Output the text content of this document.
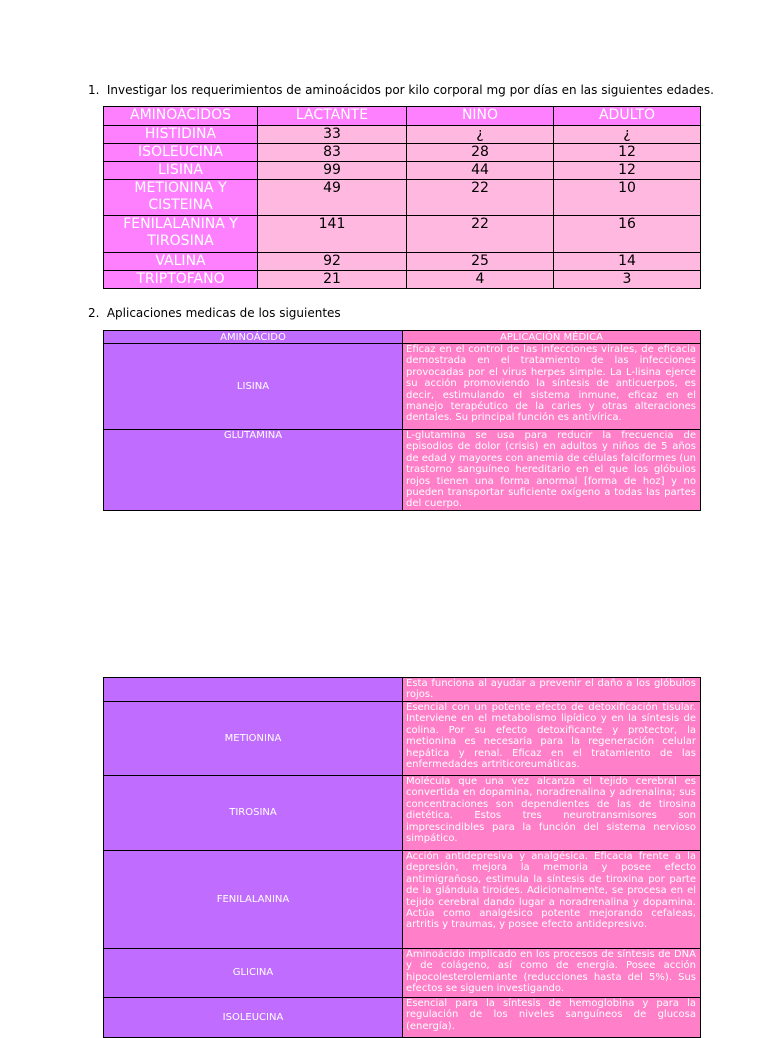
1. Investigar los requerimientos de aminoácidos por kilo corporal mg por días en las siguientes edades.
AMINOÁCIDOS	LACTANTE	NIÑO	ADULTO
HISTIDINA	33	¿	¿
ISOLEUCINA	83	28	12
LISINA	99	44	12
METIONINA Y CISTEINA	49	22	10
FENILALANINA Y TIROSINA	141	22	16
VALINA	92	25	14
TRIPTÓFANO	21	4	3
2. Aplicaciones medicas de los siguientes
AMINOÁCIDO	APLICACIÓN MÉDICA
LISINA	Eficaz en el control de las infecciones virales, de eficacia demostrada en el tratamiento de las infecciones provocadas por el virus herpes simple. La L-lisina ejerce su acción promoviendo la síntesis de anticuerpos, es decir, estimulando el sistema inmune, eficaz en el manejo terapéutico de la caries y otras alteraciones dentales. Su principal función es antivírica.
GLUTAMINA	L-glutamina se usa para reducir la frecuencia de episodios de dolor (crisis) en adultos y niños de 5 años de edad y mayores con anemia de células falciformes (un trastorno sanguíneo hereditario en el que los glóbulos rojos tienen una forma anormal [forma de hoz] y no pueden transportar suficiente oxígeno a todas las partes del cuerpo.
	Esta funciona al ayudar a prevenir el daño a los glóbulos rojos.
METIONINA	Esencial con un potente efecto de detoxificación tisular. Interviene en el metabolismo lipídico y en la síntesis de colina. Por su efecto detoxificante y protector, la metionina es necesaria para la regeneración celular hepática y renal. Eficaz en el tratamiento de las enfermedades artriticoreumáticas.
TIROSINA	Molécula que una vez alcanza el tejido cerebral es convertida en dopamina, noradrenalina y adrenalina; sus concentraciones son dependientes de las de tirosina dietética. Estos tres neurotransmisores son imprescindibles para la función del sistema nervioso simpático.
FENILALANINA	Acción antidepresiva y analgésica. Eficacia frente a la depresión, mejora la memoria y posee efecto antimigrañoso, estimula la síntesis de tiroxina por parte de la glándula tiroides. Adicionalmente, se procesa en el tejido cerebral dando lugar a noradrenalina y dopamina. Actúa como analgésico potente mejorando cefaleas, artritis y traumas, y posee efecto antidepresivo.
GLICINA	Aminoácido implicado en los procesos de síntesis de DNA y de colágeno, así como de energía. Posee acción hipocolesterolemiante (reducciones hasta del 5%). Sus efectos se siguen investigando.
ISOLEUCINA	Esencial para la síntesis de hemoglobina y para la regulación de los niveles sanguíneos de glucosa (energía).
